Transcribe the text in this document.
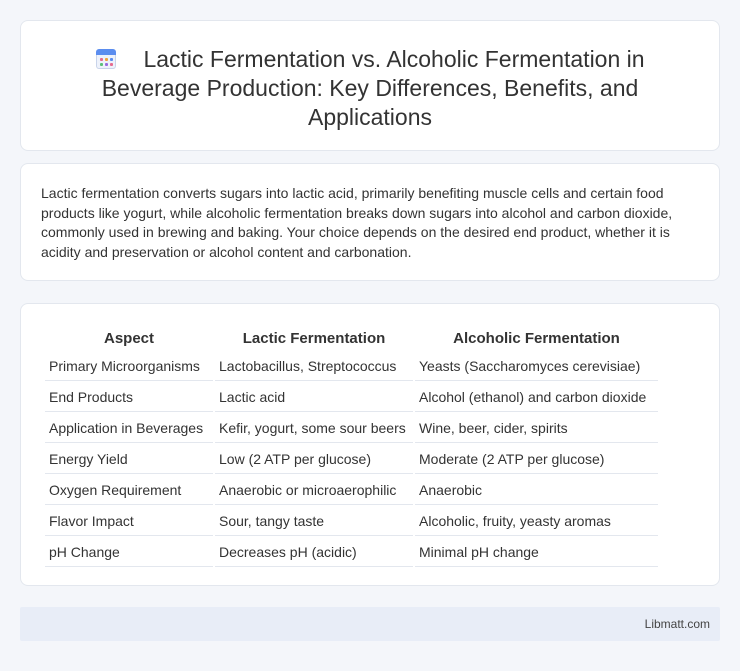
Lactic Fermentation vs. Alcoholic Fermentation in Beverage Production: Key Differences, Benefits, and Applications

Lactic fermentation converts sugars into lactic acid, primarily benefiting muscle cells and certain food products like yogurt, while alcoholic fermentation breaks down sugars into alcohol and carbon dioxide, commonly used in brewing and baking. Your choice depends on the desired end product, whether it is acidity and preservation or alcohol content and carbonation.

Aspect	Lactic Fermentation	Alcoholic Fermentation
Primary Microorganisms	Lactobacillus, Streptococcus	Yeasts (Saccharomyces cerevisiae)
End Products	Lactic acid	Alcohol (ethanol) and carbon dioxide
Application in Beverages	Kefir, yogurt, some sour beers	Wine, beer, cider, spirits
Energy Yield	Low (2 ATP per glucose)	Moderate (2 ATP per glucose)
Oxygen Requirement	Anaerobic or microaerophilic	Anaerobic
Flavor Impact	Sour, tangy taste	Alcoholic, fruity, yeasty aromas
pH Change	Decreases pH (acidic)	Minimal pH change
Libmatt.com
